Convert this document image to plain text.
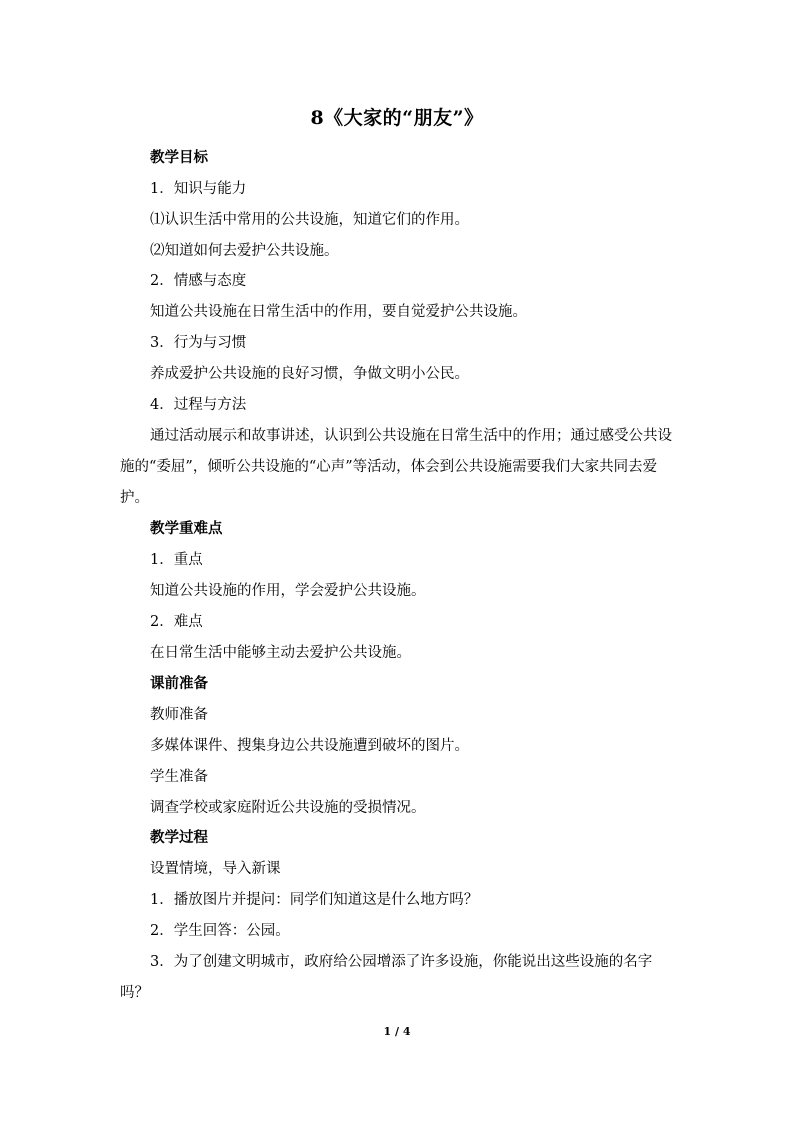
8《大家的“朋友”》
教学目标
1．知识与能力
⑴认识生活中常用的公共设施，知道它们的作用。
⑵知道如何去爱护公共设施。
2．情感与态度
知道公共设施在日常生活中的作用，要自觉爱护公共设施。
3．行为与习惯
养成爱护公共设施的良好习惯，争做文明小公民。
4．过程与方法
通过活动展示和故事讲述，认识到公共设施在日常生活中的作用；通过感受公共设施的“委屈”，倾听公共设施的“心声”等活动，体会到公共设施需要我们大家共同去爱护。
教学重难点
1．重点
知道公共设施的作用，学会爱护公共设施。
2．难点
在日常生活中能够主动去爱护公共设施。
课前准备
教师准备
多媒体课件、搜集身边公共设施遭到破坏的图片。
学生准备
调查学校或家庭附近公共设施的受损情况。
教学过程
设置情境，导入新课
1．播放图片并提问：同学们知道这是什么地方吗？
2．学生回答：公园。
3．为了创建文明城市，政府给公园增添了许多设施，你能说出这些设施的名字吗？
1 / 4
